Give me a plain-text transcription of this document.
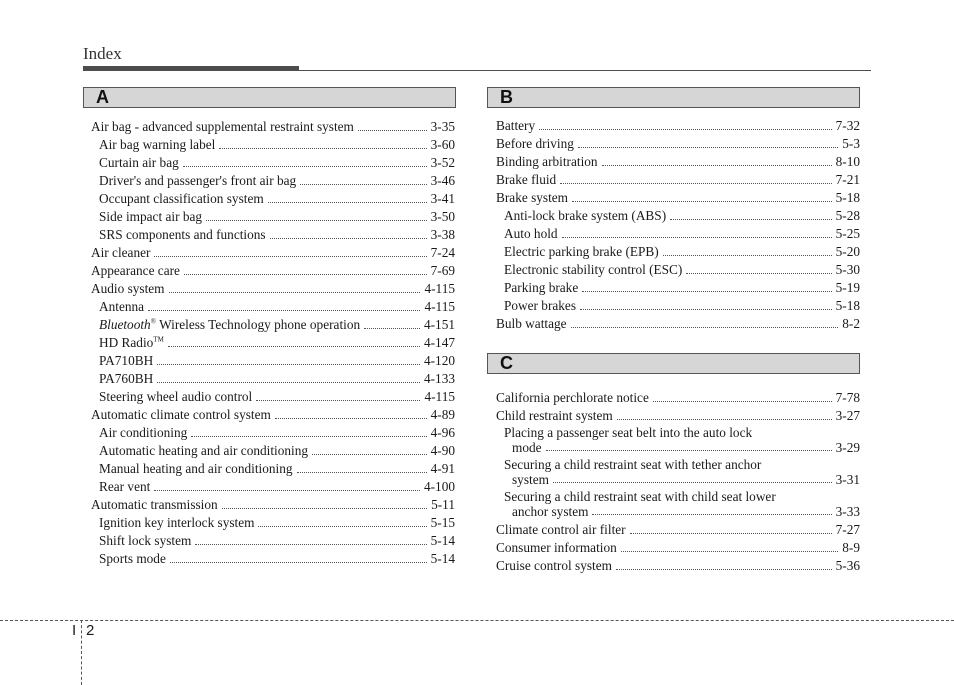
Index
A
Air bag - advanced supplemental restraint system	3-35
Air bag warning label	3-60
Curtain air bag	3-52
Driver's and passenger's front air bag	3-46
Occupant classification system	3-41
Side impact air bag	3-50
SRS components and functions	3-38
Air cleaner	7-24
Appearance care	7-69
Audio system	4-115
Antenna	4-115
Bluetooth® Wireless Technology phone operation	4-151
HD Radio™	4-147
PA710BH	4-120
PA760BH	4-133
Steering wheel audio control	4-115
Automatic climate control system	4-89
Air conditioning	4-96
Automatic heating and air conditioning	4-90
Manual heating and air conditioning	4-91
Rear vent	4-100
Automatic transmission	5-11
Ignition key interlock system	5-15
Shift lock system	5-14
Sports mode	5-14
B
Battery	7-32
Before driving	5-3
Binding arbitration	8-10
Brake fluid	7-21
Brake system	5-18
Anti-lock brake system (ABS)	5-28
Auto hold	5-25
Electric parking brake (EPB)	5-20
Electronic stability control (ESC)	5-30
Parking brake	5-19
Power brakes	5-18
Bulb wattage	8-2
C
California perchlorate notice	7-78
Child restraint system	3-27
Placing a passenger seat belt into the auto lock
mode	3-29
Securing a child restraint seat with tether anchor
system	3-31
Securing a child restraint seat with child seat lower
anchor system	3-33
Climate control air filter	7-27
Consumer information	8-9
Cruise control system	5-36
I 2
